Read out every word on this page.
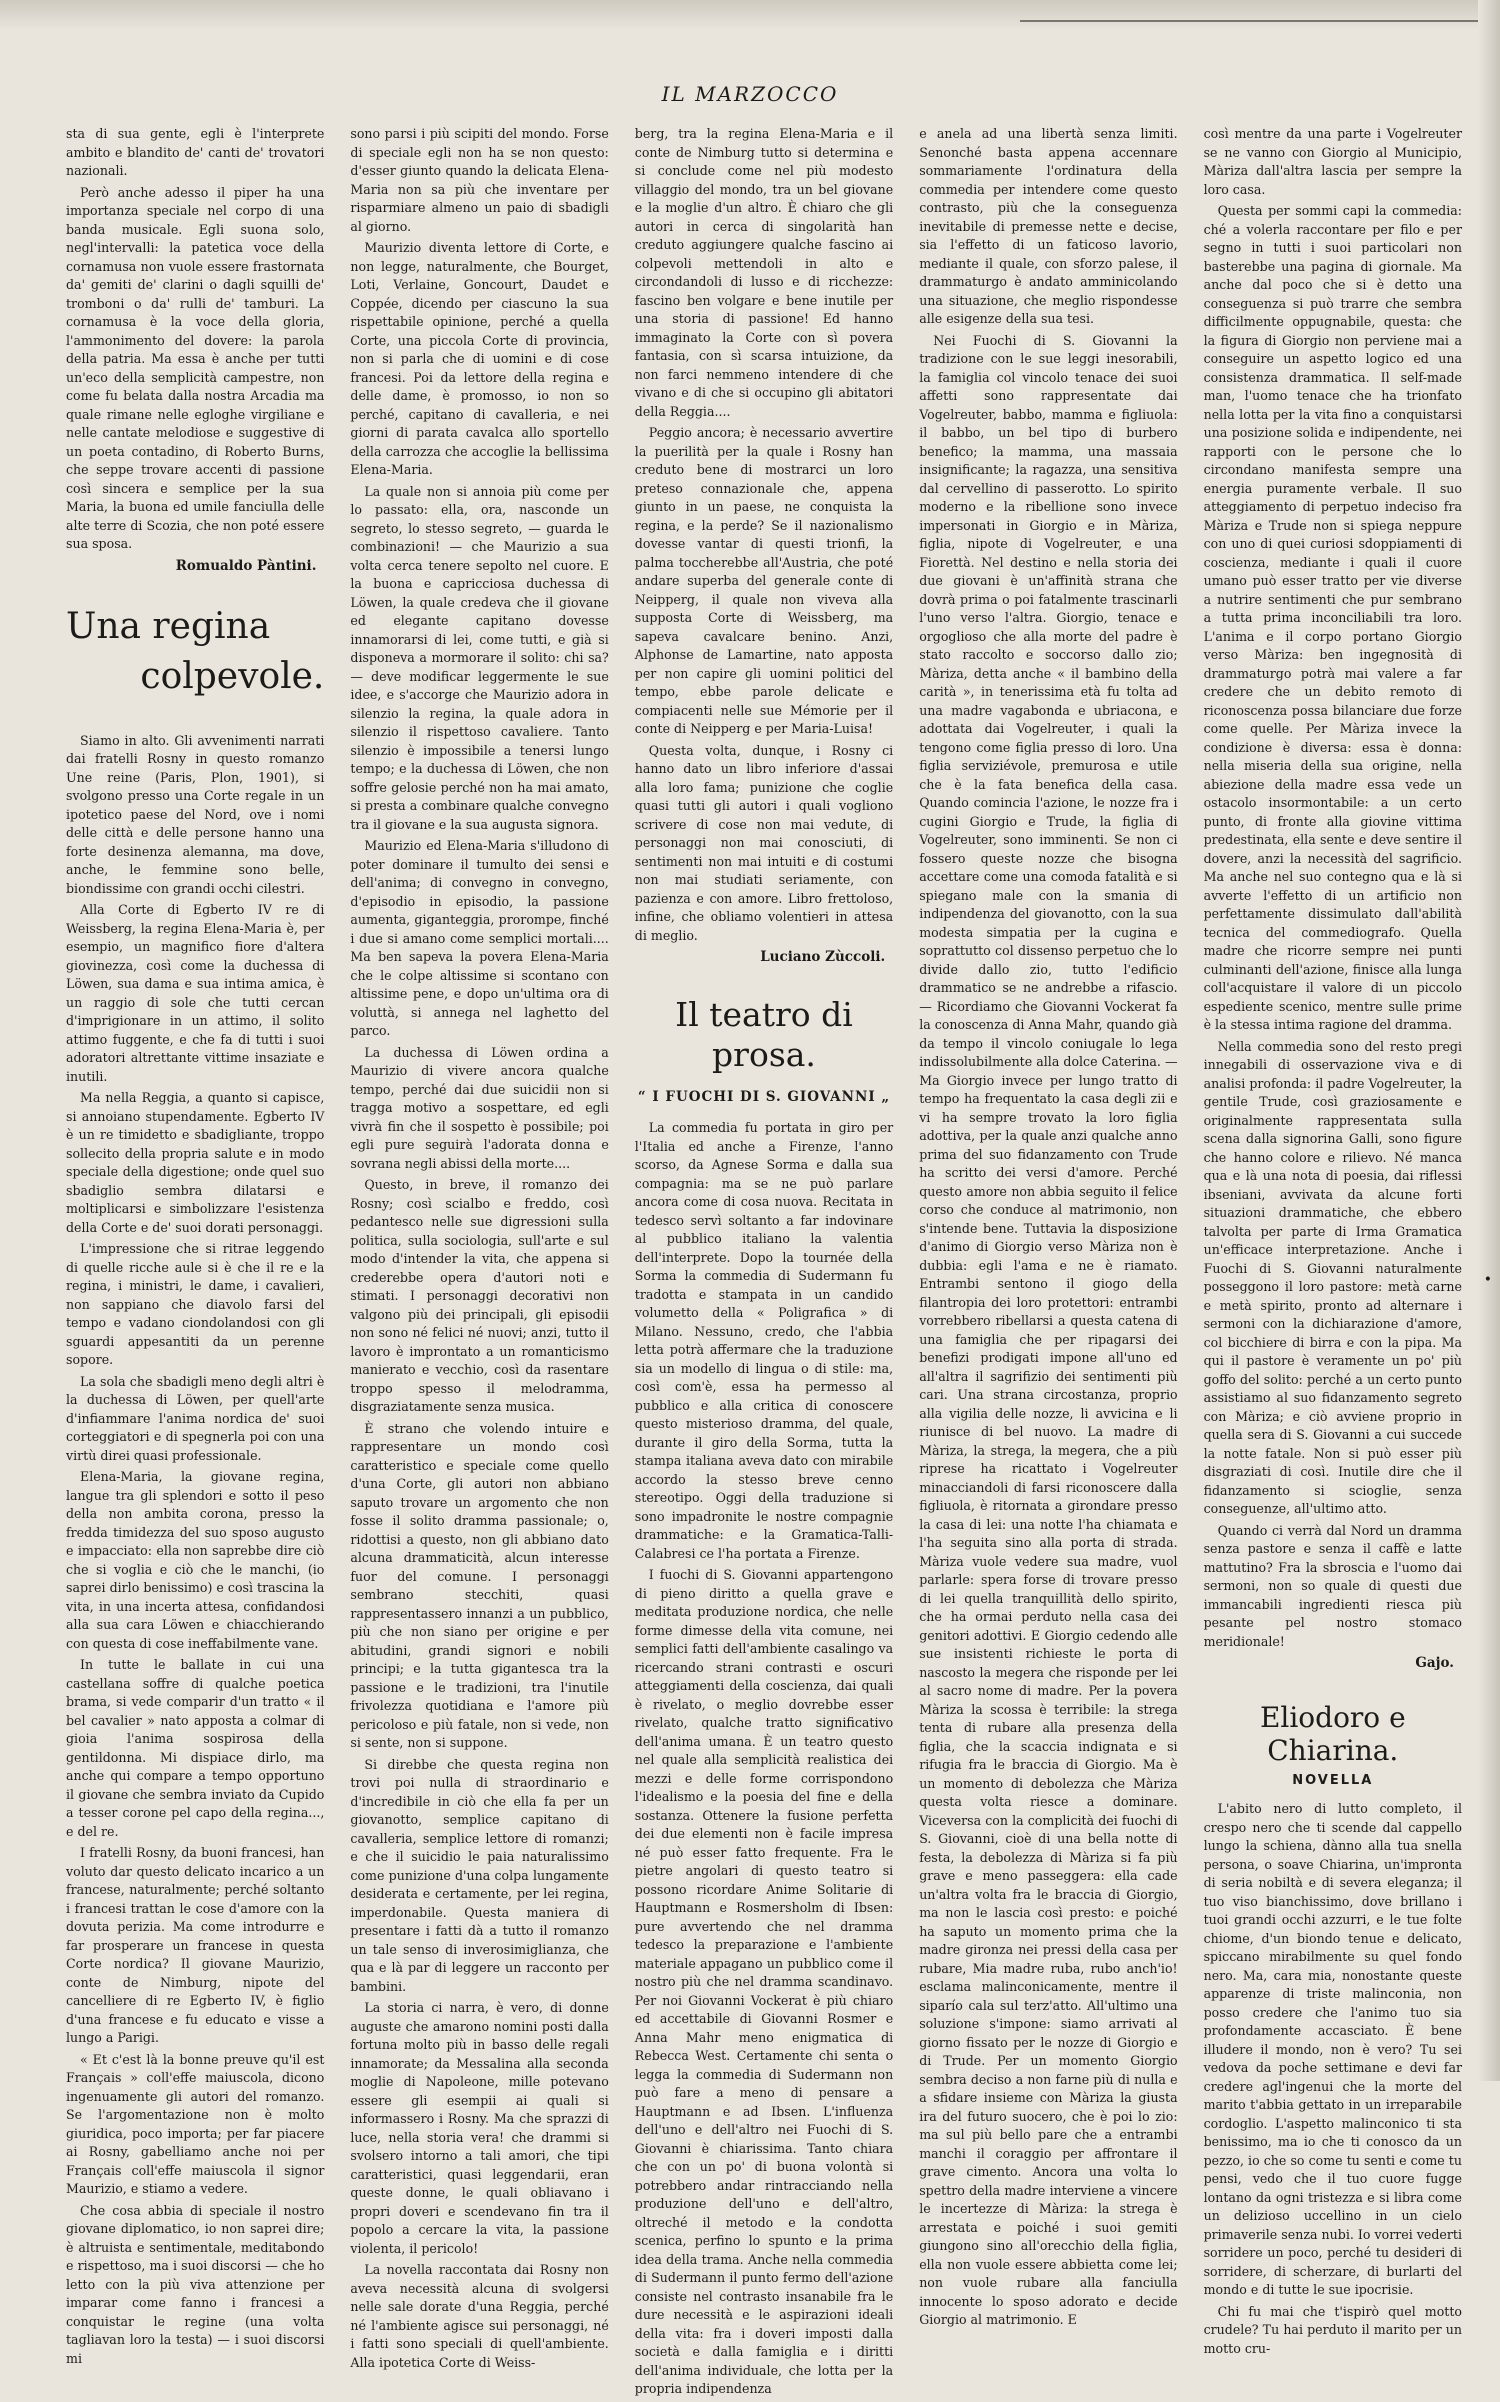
IL MARZOCCO

sta di sua gente, egli è l'interprete ambito e blandito de' canti de' trovatori nazionali.

Però anche adesso il piper ha una importanza speciale nel corpo di una banda musicale. Egli suona solo, negl'intervalli: la patetica voce della cornamusa non vuole essere frastornata da' gemiti de' clarini o dagli squilli de' tromboni o da' rulli de' tamburi. La cornamusa è la voce della gloria, l'ammonimento del dovere: la parola della patria. Ma essa è anche per tutti un'eco della semplicità campestre, non come fu belata dalla nostra Arcadia ma quale rimane nelle egloghe virgiliane e nelle cantate melodiose e suggestive di un poeta contadino, di Roberto Burns, che seppe trovare accenti di passione così sincera e semplice per la sua Maria, la buona ed umile fanciulla delle alte terre di Scozia, che non poté essere sua sposa.

Romualdo Pàntini.
Una regina
colpevole.

Siamo in alto. Gli avvenimenti narrati dai fratelli Rosny in questo romanzo Une reine (Paris, Plon, 1901), si svolgono presso una Corte regale in un ipotetico paese del Nord, ove i nomi delle città e delle persone hanno una forte desinenza alemanna, ma dove, anche, le femmine sono belle, biondissime con grandi occhi cilestri.

Alla Corte di Egberto IV re di Weissberg, la regina Elena-Maria è, per esempio, un magnifico fiore d'altera giovinezza, così come la duchessa di Löwen, sua dama e sua intima amica, è un raggio di sole che tutti cercan d'imprigionare in un attimo, il solito attimo fuggente, e che fa di tutti i suoi adoratori altrettante vittime insaziate e inutili.

Ma nella Reggia, a quanto si capisce, si annoiano stupendamente. Egberto IV è un re timidetto e sbadigliante, troppo sollecito della propria salute e in modo speciale della digestione; onde quel suo sbadiglio sembra dilatarsi e moltiplicarsi e simbolizzare l'esistenza della Corte e de' suoi dorati personaggi.

L'impressione che si ritrae leggendo di quelle ricche aule si è che il re e la regina, i ministri, le dame, i cavalieri, non sappiano che diavolo farsi del tempo e vadano ciondolandosi con gli sguardi appesantiti da un perenne sopore.

La sola che sbadigli meno degli altri è la duchessa di Löwen, per quell'arte d'infiammare l'anima nordica de' suoi corteggiatori e di spegnerla poi con una virtù direi quasi professionale.

Elena-Maria, la giovane regina, langue tra gli splendori e sotto il peso della non ambita corona, presso la fredda timidezza del suo sposo augusto e impacciato: ella non saprebbe dire ciò che si voglia e ciò che le manchi, (io saprei dirlo benissimo) e così trascina la vita, in una incerta attesa, confidandosi alla sua cara Löwen e chiacchierando con questa di cose ineffabilmente vane.

In tutte le ballate in cui una castellana soffre di qualche poetica brama, si vede comparir d'un tratto « il bel cavalier » nato apposta a colmar di gioia l'anima sospirosa della gentildonna. Mi dispiace dirlo, ma anche qui compare a tempo opportuno il giovane che sembra inviato da Cupido a tesser corone pel capo della regina..., e del re.

I fratelli Rosny, da buoni francesi, han voluto dar questo delicato incarico a un francese, naturalmente; perché soltanto i francesi trattan le cose d'amore con la dovuta perizia. Ma come introdurre e far prosperare un francese in questa Corte nordica? Il giovane Maurizio, conte de Nimburg, nipote del cancelliere di re Egberto IV, è figlio d'una francese e fu educato e visse a lungo a Parigi.

« Et c'est là la bonne preuve qu'il est Français » coll'effe maiuscola, dicono ingenuamente gli autori del romanzo. Se l'argomentazione non è molto giuridica, poco importa; per far piacere ai Rosny, gabelliamo anche noi per Français coll'effe maiuscola il signor Maurizio, e stiamo a vedere.

Che cosa abbia di speciale il nostro giovane diplomatico, io non saprei dire; è altruista e sentimentale, meditabondo e rispettoso, ma i suoi discorsi — che ho letto con la più viva attenzione per imparar come fanno i francesi a conquistar le regine (una volta tagliavan loro la testa) — i suoi discorsi mi

sono parsi i più scipiti del mondo. Forse di speciale egli non ha se non questo: d'esser giunto quando la delicata Elena-Maria non sa più che inventare per risparmiare almeno un paio di sbadigli al giorno.

Maurizio diventa lettore di Corte, e non legge, naturalmente, che Bourget, Loti, Verlaine, Goncourt, Daudet e Coppée, dicendo per ciascuno la sua rispettabile opinione, perché a quella Corte, una piccola Corte di provincia, non si parla che di uomini e di cose francesi. Poi da lettore della regina e delle dame, è promosso, io non so perché, capitano di cavalleria, e nei giorni di parata cavalca allo sportello della carrozza che accoglie la bellissima Elena-Maria.

La quale non si annoia più come per lo passato: ella, ora, nasconde un segreto, lo stesso segreto, — guarda le combinazioni! — che Maurizio a sua volta cerca tenere sepolto nel cuore. E la buona e capricciosa duchessa di Löwen, la quale credeva che il giovane ed elegante capitano dovesse innamorarsi di lei, come tutti, e già si disponeva a mormorare il solito: chi sa? — deve modificar leggermente le sue idee, e s'accorge che Maurizio adora in silenzio la regina, la quale adora in silenzio il rispettoso cavaliere. Tanto silenzio è impossibile a tenersi lungo tempo; e la duchessa di Löwen, che non soffre gelosie perché non ha mai amato, si presta a combinare qualche convegno tra il giovane e la sua augusta signora.

Maurizio ed Elena-Maria s'illudono di poter dominare il tumulto dei sensi e dell'anima; di convegno in convegno, d'episodio in episodio, la passione aumenta, giganteggia, prorompe, finché i due si amano come semplici mortali.... Ma ben sapeva la povera Elena-Maria che le colpe altissime si scontano con altissime pene, e dopo un'ultima ora di voluttà, si annega nel laghetto del parco.

La duchessa di Löwen ordina a Maurizio di vivere ancora qualche tempo, perché dai due suicidii non si tragga motivo a sospettare, ed egli vivrà fin che il sospetto è possibile; poi egli pure seguirà l'adorata donna e sovrana negli abissi della morte....

Questo, in breve, il romanzo dei Rosny; così scialbo e freddo, così pedantesco nelle sue digressioni sulla politica, sulla sociologia, sull'arte e sul modo d'intender la vita, che appena si crederebbe opera d'autori noti e stimati. I personaggi decorativi non valgono più dei principali, gli episodii non sono né felici né nuovi; anzi, tutto il lavoro è improntato a un romanticismo manierato e vecchio, così da rasentare troppo spesso il melodramma, disgraziatamente senza musica.

È strano che volendo intuire e rappresentare un mondo così caratteristico e speciale come quello d'una Corte, gli autori non abbiano saputo trovare un argomento che non fosse il solito dramma passionale; o, ridottisi a questo, non gli abbiano dato alcuna drammaticità, alcun interesse fuor del comune. I personaggi sembrano stecchiti, quasi rappresentassero innanzi a un pubblico, più che non siano per origine e per abitudini, grandi signori e nobili principi; e la tutta gigantesca tra la passione e le tradizioni, tra l'inutile frivolezza quotidiana e l'amore più pericoloso e più fatale, non si vede, non si sente, non si suppone.

Si direbbe che questa regina non trovi poi nulla di straordinario e d'incredibile in ciò che ella fa per un giovanotto, semplice capitano di cavalleria, semplice lettore di romanzi; e che il suicidio le paia naturalissimo come punizione d'una colpa lungamente desiderata e certamente, per lei regina, imperdonabile. Questa maniera di presentare i fatti dà a tutto il romanzo un tale senso di inverosimiglianza, che qua e là par di leggere un racconto per bambini.

La storia ci narra, è vero, di donne auguste che amarono nomini posti dalla fortuna molto più in basso delle regali innamorate; da Messalina alla seconda moglie di Napoleone, mille potevano essere gli esempii ai quali si informassero i Rosny. Ma che sprazzi di luce, nella storia vera! che drammi si svolsero intorno a tali amori, che tipi caratteristici, quasi leggendarii, eran queste donne, le quali obliavano i propri doveri e scendevano fin tra il popolo a cercare la vita, la passione violenta, il pericolo!

La novella raccontata dai Rosny non aveva necessità alcuna di svolgersi nelle sale dorate d'una Reggia, perché né l'ambiente agisce sui personaggi, né i fatti sono speciali di quell'ambiente. Alla ipotetica Corte di Weiss-

berg, tra la regina Elena-Maria e il conte de Nimburg tutto si determina e si conclude come nel più modesto villaggio del mondo, tra un bel giovane e la moglie d'un altro. È chiaro che gli autori in cerca di singolarità han creduto aggiungere qualche fascino ai colpevoli mettendoli in alto e circondandoli di lusso e di ricchezze: fascino ben volgare e bene inutile per una storia di passione! Ed hanno immaginato la Corte con sì povera fantasia, con sì scarsa intuizione, da non farci nemmeno intendere di che vivano e di che si occupino gli abitatori della Reggia....

Peggio ancora; è necessario avvertire la puerilità per la quale i Rosny han creduto bene di mostrarci un loro preteso connazionale che, appena giunto in un paese, ne conquista la regina, e la perde? Se il nazionalismo dovesse vantar di questi trionfi, la palma toccherebbe all'Austria, che poté andare superba del generale conte di Neipperg, il quale non viveva alla supposta Corte di Weissberg, ma sapeva cavalcare benino. Anzi, Alphonse de Lamartine, nato apposta per non capire gli uomini politici del tempo, ebbe parole delicate e compiacenti nelle sue Mémorie per il conte di Neipperg e per Maria-Luisa!

Questa volta, dunque, i Rosny ci hanno dato un libro inferiore d'assai alla loro fama; punizione che coglie quasi tutti gli autori i quali vogliono scrivere di cose non mai vedute, di personaggi non mai conosciuti, di sentimenti non mai intuiti e di costumi non mai studiati seriamente, con pazienza e con amore. Libro frettoloso, infine, che obliamo volentieri in attesa di meglio.

Luciano Zùccoli.
Il teatro di prosa.
“ I FUOCHI DI S. GIOVANNI „

La commedia fu portata in giro per l'Italia ed anche a Firenze, l'anno scorso, da Agnese Sorma e dalla sua compagnia: ma se ne può parlare ancora come di cosa nuova. Recitata in tedesco servì soltanto a far indovinare al pubblico italiano la valentia dell'interprete. Dopo la tournée della Sorma la commedia di Sudermann fu tradotta e stampata in un candido volumetto della « Poligrafica » di Milano. Nessuno, credo, che l'abbia letta potrà affermare che la traduzione sia un modello di lingua o di stile: ma, così com'è, essa ha permesso al pubblico e alla critica di conoscere questo misterioso dramma, del quale, durante il giro della Sorma, tutta la stampa italiana aveva dato con mirabile accordo la stesso breve cenno stereotipo. Oggi della traduzione si sono impadronite le nostre compagnie drammatiche: e la Gramatica-Talli-Calabresi ce l'ha portata a Firenze.

I fuochi di S. Giovanni appartengono di pieno diritto a quella grave e meditata produzione nordica, che nelle forme dimesse della vita comune, nei semplici fatti dell'ambiente casalingo va ricercando strani contrasti e oscuri atteggiamenti della coscienza, dai quali è rivelato, o meglio dovrebbe esser rivelato, qualche tratto significativo dell'anima umana. È un teatro questo nel quale alla semplicità realistica dei mezzi e delle forme corrispondono l'idealismo e la poesia del fine e della sostanza. Ottenere la fusione perfetta dei due elementi non è facile impresa né può esser fatto frequente. Fra le pietre angolari di questo teatro si possono ricordare Anime Solitarie di Hauptmann e Rosmersholm di Ibsen: pure avvertendo che nel dramma tedesco la preparazione e l'ambiente materiale appagano un pubblico come il nostro più che nel dramma scandinavo. Per noi Giovanni Vockerat è più chiaro ed accettabile di Giovanni Rosmer e Anna Mahr meno enigmatica di Rebecca West. Certamente chi senta o legga la commedia di Sudermann non può fare a meno di pensare a Hauptmann e ad Ibsen. L'influenza dell'uno e dell'altro nei Fuochi di S. Giovanni è chiarissima. Tanto chiara che con un po' di buona volontà si potrebbero andar rintracciando nella produzione dell'uno e dell'altro, oltreché il metodo e la condotta scenica, perfino lo spunto e la prima idea della trama. Anche nella commedia di Sudermann il punto fermo dell'azione consiste nel contrasto insanabile fra le dure necessità e le aspirazioni ideali della vita: fra i doveri imposti dalla società e dalla famiglia e i diritti dell'anima individuale, che lotta per la propria indipendenza

e anela ad una libertà senza limiti. Senonché basta appena accennare sommariamente l'ordinatura della commedia per intendere come questo contrasto, più che la conseguenza inevitabile di premesse nette e decise, sia l'effetto di un faticoso lavorio, mediante il quale, con sforzo palese, il drammaturgo è andato amminicolando una situazione, che meglio rispondesse alle esigenze della sua tesi.

Nei Fuochi di S. Giovanni la tradizione con le sue leggi inesorabili, la famiglia col vincolo tenace dei suoi affetti sono rappresentate dai Vogelreuter, babbo, mamma e figliuola: il babbo, un bel tipo di burbero benefico; la mamma, una massaia insignificante; la ragazza, una sensitiva dal cervellino di passerotto. Lo spirito moderno e la ribellione sono invece impersonati in Giorgio e in Màriza, figlia, nipote di Vogelreuter, e una Fiorettà. Nel destino e nella storia dei due giovani è un'affinità strana che dovrà prima o poi fatalmente trascinarli l'uno verso l'altra. Giorgio, tenace e orgoglioso che alla morte del padre è stato raccolto e soccorso dallo zio; Màriza, detta anche « il bambino della carità », in tenerissima età fu tolta ad una madre vagabonda e ubriacona, e adottata dai Vogelreuter, i quali la tengono come figlia presso di loro. Una figlia serviziévole, premurosa e utile che è la fata benefica della casa. Quando comincia l'azione, le nozze fra i cugini Giorgio e Trude, la figlia di Vogelreuter, sono imminenti. Se non ci fossero queste nozze che bisogna accettare come una comoda fatalità e si spiegano male con la smania di indipendenza del giovanotto, con la sua modesta simpatia per la cugina e soprattutto col dissenso perpetuo che lo divide dallo zio, tutto l'edificio drammatico se ne andrebbe a rifascio. — Ricordiamo che Giovanni Vockerat fa la conoscenza di Anna Mahr, quando già da tempo il vincolo coniugale lo lega indissolubilmente alla dolce Caterina. — Ma Giorgio invece per lungo tratto di tempo ha frequentato la casa degli zii e vi ha sempre trovato la loro figlia adottiva, per la quale anzi qualche anno prima del suo fidanzamento con Trude ha scritto dei versi d'amore. Perché questo amore non abbia seguito il felice corso che conduce al matrimonio, non s'intende bene. Tuttavia la disposizione d'animo di Giorgio verso Màriza non è dubbia: egli l'ama e ne è riamato. Entrambi sentono il giogo della filantropia dei loro protettori: entrambi vorrebbero ribellarsi a questa catena di una famiglia che per ripagarsi dei benefizi prodigati impone all'uno ed all'altra il sagrifizio dei sentimenti più cari. Una strana circostanza, proprio alla vigilia delle nozze, li avvicina e li riunisce di bel nuovo. La madre di Màriza, la strega, la megera, che a più riprese ha ricattato i Vogelreuter minacciandoli di farsi riconoscere dalla figliuola, è ritornata a girondare presso la casa di lei: una notte l'ha chiamata e l'ha seguita sino alla porta di strada. Màriza vuole vedere sua madre, vuol parlarle: spera forse di trovare presso di lei quella tranquillità dello spirito, che ha ormai perduto nella casa dei genitori adottivi. E Giorgio cedendo alle sue insistenti richieste le porta di nascosto la megera che risponde per lei al sacro nome di madre. Per la povera Màriza la scossa è terribile: la strega tenta di rubare alla presenza della figlia, che la scaccia indignata e si rifugia fra le braccia di Giorgio. Ma è un momento di debolezza che Màriza questa volta riesce a dominare. Viceversa con la complicità dei fuochi di S. Giovanni, cioè di una bella notte di festa, la debolezza di Màriza si fa più grave e meno passeggera: ella cade un'altra volta fra le braccia di Giorgio, ma non le lascia così presto: e poiché ha saputo un momento prima che la madre gironza nei pressi della casa per rubare, Mia madre ruba, rubo anch'io! esclama malinconicamente, mentre il siparío cala sul terz'atto. All'ultimo una soluzione s'impone: siamo arrivati al giorno fissato per le nozze di Giorgio e di Trude. Per un momento Giorgio sembra deciso a non farne più di nulla e a sfidare insieme con Màriza la giusta ira del futuro suocero, che è poi lo zio: ma sul più bello pare che a entrambi manchi il coraggio per affrontare il grave cimento. Ancora una volta lo spettro della madre interviene a vincere le incertezze di Màriza: la strega è arrestata e poiché i suoi gemiti giungono sino all'orecchio della figlia, ella non vuole essere abbietta come lei; non vuole rubare alla fanciulla innocente lo sposo adorato e decide Giorgio al matrimonio. E

così mentre da una parte i Vogelreuter se ne vanno con Giorgio al Municipio, Màriza dall'altra lascia per sempre la loro casa.

Questa per sommi capi la commedia: ché a volerla raccontare per filo e per segno in tutti i suoi particolari non basterebbe una pagina di giornale. Ma anche dal poco che si è detto una conseguenza si può trarre che sembra difficilmente oppugnabile, questa: che la figura di Giorgio non perviene mai a conseguire un aspetto logico ed una consistenza drammatica. Il self-made man, l'uomo tenace che ha trionfato nella lotta per la vita fino a conquistarsi una posizione solida e indipendente, nei rapporti con le persone che lo circondano manifesta sempre una energia puramente verbale. Il suo atteggiamento di perpetuo indeciso fra Màriza e Trude non si spiega neppure con uno di quei curiosi sdoppiamenti di coscienza, mediante i quali il cuore umano può esser tratto per vie diverse a nutrire sentimenti che pur sembrano a tutta prima inconciliabili tra loro. L'anima e il corpo portano Giorgio verso Màriza: ben ingegnosità di drammaturgo potrà mai valere a far credere che un debito remoto di riconoscenza possa bilanciare due forze come quelle. Per Màriza invece la condizione è diversa: essa è donna: nella miseria della sua origine, nella abiezione della madre essa vede un ostacolo insormontabile: a un certo punto, di fronte alla giovine vittima predestinata, ella sente e deve sentire il dovere, anzi la necessità del sagrificio. Ma anche nel suo contegno qua e là si avverte l'effetto di un artificio non perfettamente dissimulato dall'abilità tecnica del commediografo. Quella madre che ricorre sempre nei punti culminanti dell'azione, finisce alla lunga coll'acquistare il valore di un piccolo espediente scenico, mentre sulle prime è la stessa intima ragione del dramma.

Nella commedia sono del resto pregi innegabili di osservazione viva e di analisi profonda: il padre Vogelreuter, la gentile Trude, così graziosamente e originalmente rappresentata sulla scena dalla signorina Galli, sono figure che hanno colore e rilievo. Né manca qua e là una nota di poesia, dai riflessi ibseniani, avvivata da alcune forti situazioni drammatiche, che ebbero talvolta per parte di Irma Gramatica un'efficace interpretazione. Anche i Fuochi di S. Giovanni naturalmente posseggono il loro pastore: metà carne e metà spirito, pronto ad alternare i sermoni con la dichiarazione d'amore, col bicchiere di birra e con la pipa. Ma qui il pastore è veramente un po' più goffo del solito: perché a un certo punto assistiamo al suo fidanzamento segreto con Màriza; e ciò avviene proprio in quella sera di S. Giovanni a cui succede la notte fatale. Non si può esser più disgraziati di così. Inutile dire che il fidanzamento si scioglie, senza conseguenze, all'ultimo atto.

Quando ci verrà dal Nord un dramma senza pastore e senza il caffè e latte mattutino? Fra la sbroscia e l'uomo dai sermoni, non so quale di questi due immancabili ingredienti riesca più pesante pel nostro stomaco meridionale!

Gajo.
Eliodoro e Chiarina.
NOVELLA

L'abito nero di lutto completo, il crespo nero che ti scende dal cappello lungo la schiena, dànno alla tua snella persona, o soave Chiarina, un'impronta di seria nobiltà e di severa eleganza; il tuo viso bianchissimo, dove brillano i tuoi grandi occhi azzurri, e le tue folte chiome, d'un biondo tenue e delicato, spiccano mirabilmente su quel fondo nero. Ma, cara mia, nonostante queste apparenze di triste malinconia, non posso credere che l'animo tuo sia profondamente accasciato. È bene illudere il mondo, non è vero? Tu sei vedova da poche settimane e devi far credere agl'ingenui che la morte del marito t'abbia gettato in un irreparabile cordoglio. L'aspetto malinconico ti sta benissimo, ma io che ti conosco da un pezzo, io che so come tu senti e come tu pensi, vedo che il tuo cuore fugge lontano da ogni tristezza e si libra come un delizioso uccellino in un cielo primaverile senza nubi. Io vorrei vederti sorridere un poco, perché tu desideri di sorridere, di scherzare, di burlarti del mondo e di tutte le sue ipocrisie.

Chi fu mai che t'ispirò quel motto crudele? Tu hai perduto il marito per un motto cru-

•
